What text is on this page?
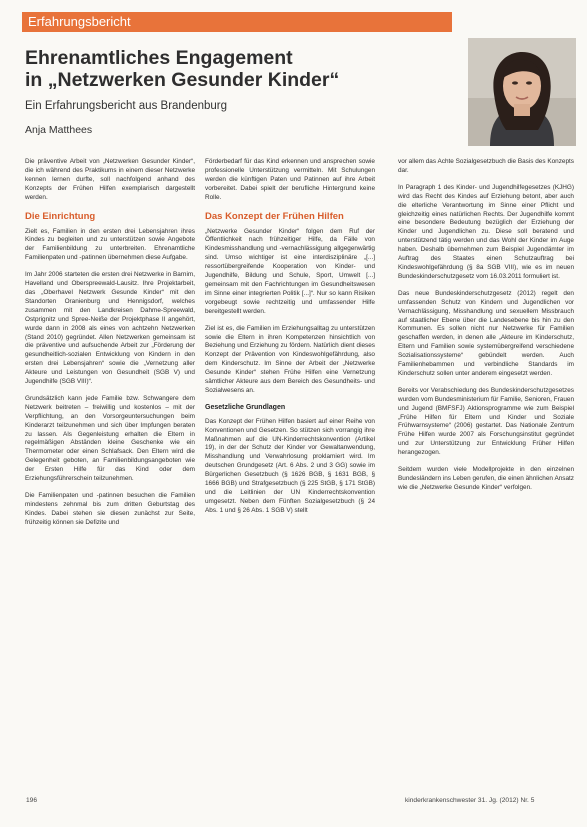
Erfahrungsbericht
Ehrenamtliches Engagement
in „Netzwerken Gesunder Kinder“
Ein Erfahrungsbericht aus Brandenburg
Anja Matthees

Die präventive Arbeit von „Netzwerken Gesunder Kinder“, die ich während des Praktikums in einem dieser Netzwerke kennen lernen durfte, soll nachfolgend anhand des Konzepts der Frühen Hilfen exemplarisch dargestellt werden.

Die Einrichtung

Zielt es, Familien in den ersten drei Lebensjahren ihres Kindes zu begleiten und zu unterstützen sowie Angebote der Familienbildung zu unterbreiten. Ehrenamtliche Familienpaten und -patinnen übernehmen diese Aufgabe.

Im Jahr 2006 starteten die ersten drei Netzwerke in Barnim, Havelland und Oberspreewald-Lausitz. Ihre Projektarbeit, das „Oberhavel Netzwerk Gesunde Kinder“ mit den Standorten Oranienburg und Hennigsdorf, welches zusammen mit den Landkreisen Dahme-Spreewald, Ostprignitz und Spree-Neiße der Projektphase II angehört, wurde dann in 2008 als eines von achtzehn Netzwerken (Stand 2010) gegründet. Allen Netzwerken gemeinsam ist die präventive und aufsuchende Arbeit zur „Förderung der gesundheitlich-sozialen Entwicklung von Kindern in den ersten drei Lebensjahren“ sowie die „Vernetzung aller Akteure und Leistungen von Gesundheit (SGB V) und Jugendhilfe (SGB VIII)“.

Grundsätzlich kann jede Familie bzw. Schwangere dem Netzwerk beitreten – freiwillig und kostenlos – mit der Verpflichtung, an den Vorsorgeuntersuchungen beim Kinderarzt teilzunehmen und sich über Impfungen beraten zu lassen. Als Gegenleistung erhalten die Eltern in regelmäßigen Abständen kleine Geschenke wie ein Thermometer oder einen Schlafsack. Den Eltern wird die Gelegenheit geboten, an Familienbildungsangeboten wie der Ersten Hilfe für das Kind oder dem Erziehungsführerschein teilzunehmen.

Die Familienpaten und -patinnen besuchen die Familien mindestens zehnmal bis zum dritten Geburtstag des Kindes. Dabei stehen sie diesen zunächst zur Seite, frühzeitig können sie Defizite und

Förderbedarf für das Kind erkennen und ansprechen sowie professionelle Unterstützung vermitteln. Mit Schulungen werden die künftigen Paten und Patinnen auf ihre Arbeit vorbereitet. Dabei spielt der berufliche Hintergrund keine Rolle.

Das Konzept der Frühen Hilfen

„Netzwerke Gesunder Kinder“ folgen dem Ruf der Öffentlichkeit nach frühzeitiger Hilfe, da Fälle von Kindesmisshandlung und -vernachlässigung allgegenwärtig sind. Umso wichtiger ist eine interdisziplinäre „[...] ressortübergreifende Kooperation von Kinder- und Jugendhilfe, Bildung und Schule, Sport, Umwelt [...] gemeinsam mit den Fachrichtungen im Gesundheitswesen im Sinne einer integrierten Politik [...]“. Nur so kann Risiken vorgebeugt sowie rechtzeitig und umfassender Hilfe bereitgestellt werden.

Ziel ist es, die Familien im Erziehungsalltag zu unterstützen sowie die Eltern in ihren Kompetenzen hinsichtlich von Beziehung und Erziehung zu fördern. Natürlich dient dieses Konzept der Prävention von Kindeswohlgefährdung, also dem Kinderschutz. Im Sinne der Arbeit der „Netzwerke Gesunde Kinder“ stehen Frühe Hilfen eine Vernetzung sämtlicher Akteure aus dem Bereich des Gesundheits- und Sozialwesens an.

Gesetzliche Grundlagen

Das Konzept der Frühen Hilfen basiert auf einer Reihe von Konventionen und Gesetzen. So stützen sich vorrangig ihre Maßnahmen auf die UN-Kinderrechtskonvention (Artikel 19), in der der Schutz der Kinder vor Gewaltanwendung, Misshandlung und Verwahrlosung proklamiert wird. Im deutschen Grundgesetz (Art. 6 Abs. 2 und 3 GG) sowie im Bürgerlichen Gesetzbuch (§ 1626 BGB, § 1631 BGB, § 1666 BGB) und Strafgesetzbuch (§ 225 StGB, § 171 StGB) und die Leitlinien der UN Kinderrechtskonvention umgesetzt. Neben dem Fünften Sozialgesetzbuch (§ 24 Abs. 1 und § 26 Abs. 1 SGB V) stellt

vor allem das Achte Sozialgesetzbuch die Basis des Konzepts dar.

In Paragraph 1 des Kinder- und Jugendhilfegesetzes (KJHG) wird das Recht des Kindes auf Erziehung betont, aber auch die elterliche Verantwortung im Sinne einer Pflicht und gleichzeitig eines natürlichen Rechts. Der Jugendhilfe kommt eine besondere Bedeutung bezüglich der Erziehung der Kinder und Jugendlichen zu. Diese soll beratend und unterstützend tätig werden und das Wohl der Kinder im Auge haben. Deshalb übernehmen zum Beispiel Jugendämter im Auftrag des Staates einen Schutzauftrag bei Kindeswohlgefährdung (§ 8a SGB VIII), wie es im neuen Bundeskinderschutzgesetz vom 16.03.2011 formuliert ist.

Das neue Bundeskinderschutzgesetz (2012) regelt den umfassenden Schutz von Kindern und Jugendlichen vor Vernachlässigung, Misshandlung und sexuellem Missbrauch auf staatlicher Ebene über die Landesebene bis hin zu den Kommunen. Es sollen nicht nur Netzwerke für Familien geschaffen werden, in denen alle „Akteure im Kinderschutz, Eltern und Familien sowie systemübergreifend verschiedene Sozialisationssysteme“ gebündelt werden. Auch Familienhebammen und verbindliche Standards im Kinderschutz sollen unter anderem eingesetzt werden.

Bereits vor Verabschiedung des Bundeskinderschutzgesetzes wurden vom Bundesministerium für Familie, Senioren, Frauen und Jugend (BMFSFJ) Aktionsprogramme wie zum Beispiel „Frühe Hilfen für Eltern und Kinder und Soziale Frühwarnsysteme“ (2006) gestartet. Das Nationale Zentrum Frühe Hilfen wurde 2007 als Forschungsinstitut gegründet und zur Unterstützung zur Entwicklung Früher Hilfen herangezogen.

Seitdem wurden viele Modellprojekte in den einzelnen Bundesländern ins Leben gerufen, die einen ähnlichen Ansatz wie die „Netzwerke Gesunde Kinder“ verfolgen.

196	kinderkrankenschwester 31. Jg. (2012) Nr. 5
